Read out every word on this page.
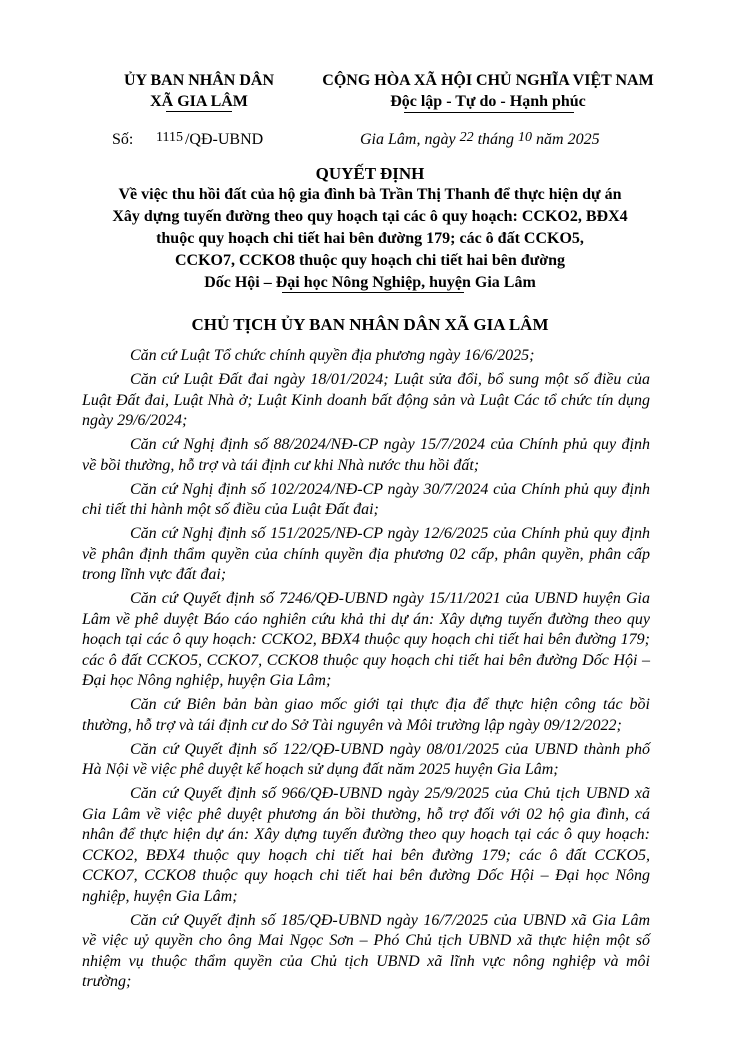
ỦY BAN NHÂN DÂN
XÃ GIA LÂM
CỘNG HÒA XÃ HỘI CHỦ NGHĨA VIỆT NAM
Độc lập - Tự do - Hạnh phúc
Số: 1115 /QĐ-UBND	Gia Lâm, ngày 22 tháng 10 năm 2025
QUYẾT ĐỊNH

Về việc thu hồi đất của hộ gia đình bà Trần Thị Thanh để thực hiện dự án

Xây dựng tuyến đường theo quy hoạch tại các ô quy hoạch: CCKO2, BĐX4

thuộc quy hoạch chi tiết hai bên đường 179; các ô đất CCKO5,

CCKO7, CCKO8 thuộc quy hoạch chi tiết hai bên đường

Dốc Hội – Đại học Nông Nghiệp, huyện Gia Lâm

CHỦ TỊCH ỦY BAN NHÂN DÂN XÃ GIA LÂM

Căn cứ Luật Tổ chức chính quyền địa phương ngày 16/6/2025;

Căn cứ Luật Đất đai ngày 18/01/2024; Luật sửa đổi, bổ sung một số điều của Luật Đất đai, Luật Nhà ở; Luật Kinh doanh bất động sản và Luật Các tổ chức tín dụng ngày 29/6/2024;

Căn cứ Nghị định số 88/2024/NĐ-CP ngày 15/7/2024 của Chính phủ quy định về bồi thường, hỗ trợ và tái định cư khi Nhà nước thu hồi đất;

Căn cứ Nghị định số 102/2024/NĐ-CP ngày 30/7/2024 của Chính phủ quy định chi tiết thi hành một số điều của Luật Đất đai;

Căn cứ Nghị định số 151/2025/NĐ-CP ngày 12/6/2025 của Chính phủ quy định về phân định thẩm quyền của chính quyền địa phương 02 cấp, phân quyền, phân cấp trong lĩnh vực đất đai;

Căn cứ Quyết định số 7246/QĐ-UBND ngày 15/11/2021 của UBND huyện Gia Lâm về phê duyệt Báo cáo nghiên cứu khả thi dự án: Xây dựng tuyến đường theo quy hoạch tại các ô quy hoạch: CCKO2, BĐX4 thuộc quy hoạch chi tiết hai bên đường 179; các ô đất CCKO5, CCKO7, CCKO8 thuộc quy hoạch chi tiết hai bên đường Dốc Hội – Đại học Nông nghiệp, huyện Gia Lâm;

Căn cứ Biên bản bàn giao mốc giới tại thực địa để thực hiện công tác bồi thường, hỗ trợ và tái định cư do Sở Tài nguyên và Môi trường lập ngày 09/12/2022;

Căn cứ Quyết định số 122/QĐ-UBND ngày 08/01/2025 của UBND thành phố Hà Nội về việc phê duyệt kế hoạch sử dụng đất năm 2025 huyện Gia Lâm;

Căn cứ Quyết định số 966/QĐ-UBND ngày 25/9/2025 của Chủ tịch UBND xã Gia Lâm về việc phê duyệt phương án bồi thường, hỗ trợ đối với 02 hộ gia đình, cá nhân để thực hiện dự án: Xây dựng tuyến đường theo quy hoạch tại các ô quy hoạch: CCKO2, BĐX4 thuộc quy hoạch chi tiết hai bên đường 179; các ô đất CCKO5, CCKO7, CCKO8 thuộc quy hoạch chi tiết hai bên đường Dốc Hội – Đại học Nông nghiệp, huyện Gia Lâm;

Căn cứ Quyết định số 185/QĐ-UBND ngày 16/7/2025 của UBND xã Gia Lâm về việc uỷ quyền cho ông Mai Ngọc Sơn – Phó Chủ tịch UBND xã thực hiện một số nhiệm vụ thuộc thẩm quyền của Chủ tịch UBND xã lĩnh vực nông nghiệp và môi trường;
